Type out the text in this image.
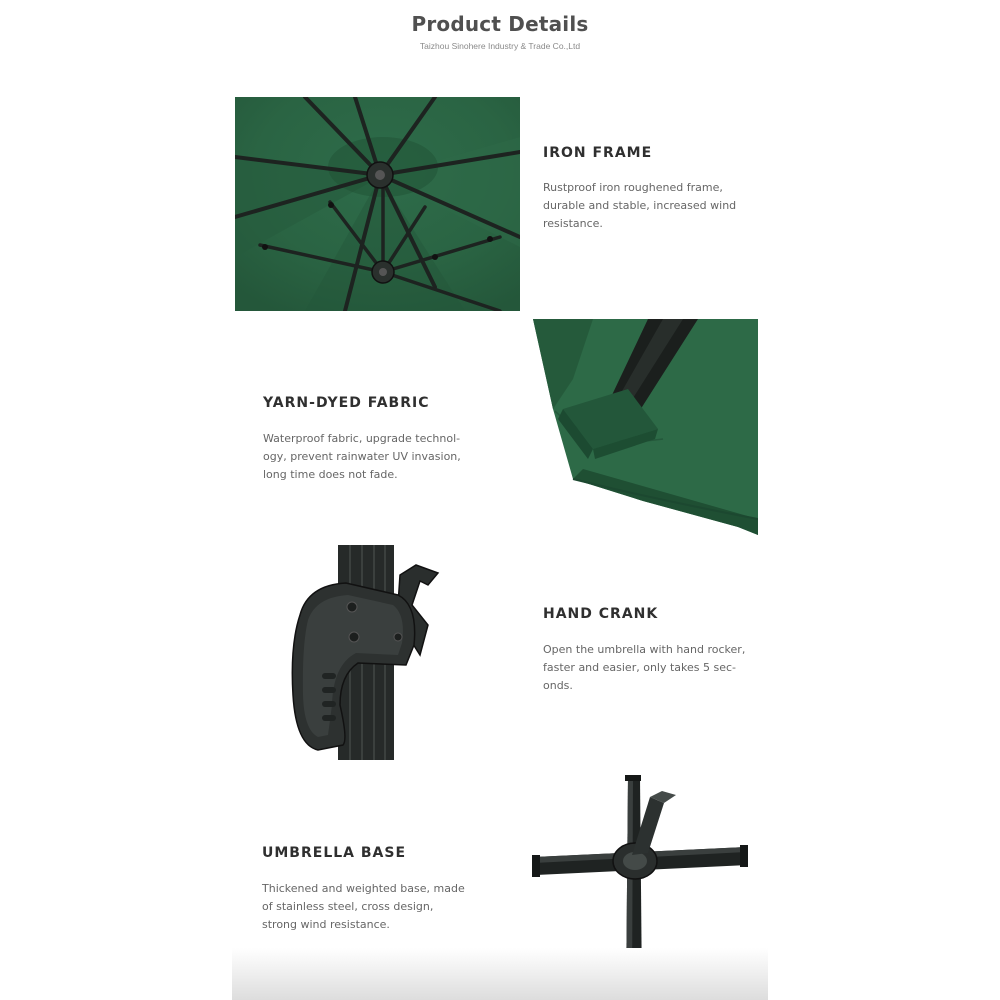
Product Details
Taizhou Sinohere Industry & Trade Co.,Ltd
IRON FRAME
Rustproof iron roughened frame,
durable and stable, increased wind
resistance.
YARN-DYED FABRIC
Waterproof fabric, upgrade technol-
ogy, prevent rainwater UV invasion,
long time does not fade.
HAND CRANK
Open the umbrella with hand rocker,
faster and easier, only takes 5 sec-
onds.
UMBRELLA BASE
Thickened and weighted base, made
of stainless steel, cross design,
strong wind resistance.
